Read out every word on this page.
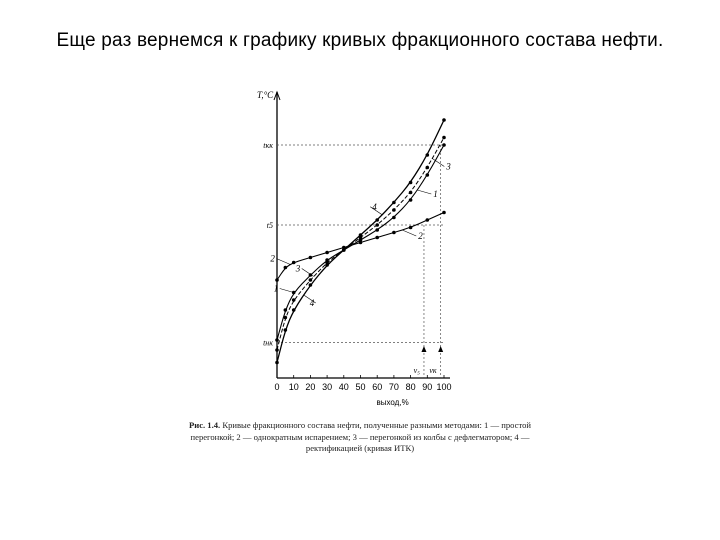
Еще раз вернемся к графику кривых фракционного состава нефти.
T,°C
выход,%
0 10 20 30 40 50 60 70 80 90 100
tнк
t5
tкк
v₅ vк
1
1
2
2
3
3
4
4
Рис. 1.4. Кривые фракционного состава нефти, полученные разными методами: 1 — простой перегонкой; 2 — однократным испарением; 3 — перегонкой из колбы с дефлегматором; 4 — ректификацией (кривая ИТК)
